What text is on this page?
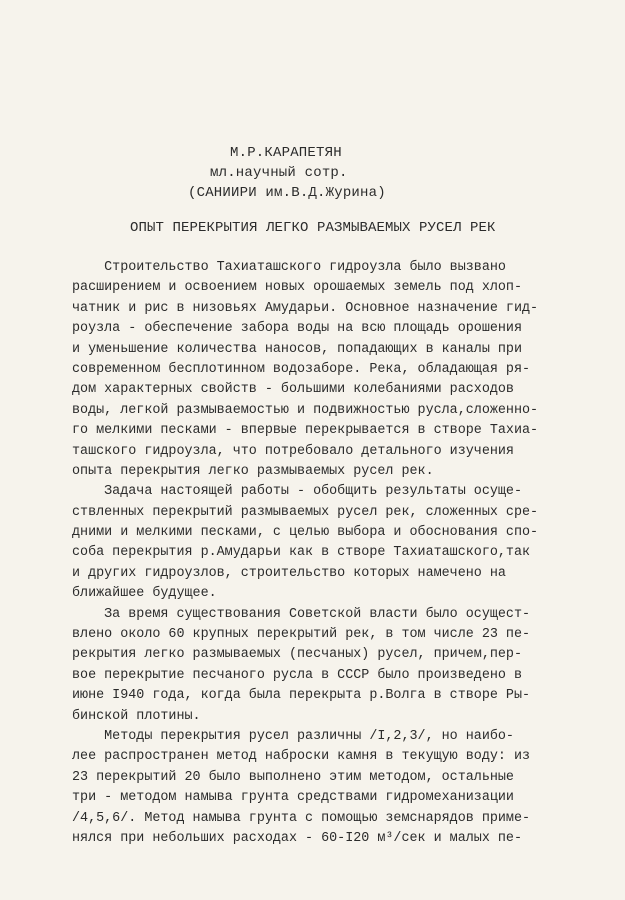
М.Р.КАРАПЕТЯН
мл.научный сотр.
(САНИИРИ им.В.Д.Журина)
ОПЫТ ПЕРЕКРЫТИЯ ЛЕГКО РАЗМЫВАЕМЫХ РУСЕЛ РЕК
Строительство Тахиаташского гидроузла было вызвано
расширением и освоением новых орошаемых земель под хлоп-
чатник и рис в низовьях Амударьи. Основное назначение гид-
роузла - обеспечение забора воды на всю площадь орошения
и уменьшение количества наносов, попадающих в каналы при
современном бесплотинном водозаборе. Река, обладающая ря-
дом характерных свойств - большими колебаниями расходов
воды, легкой размываемостью и подвижностью русла,сложенно-
го мелкими песками - впервые перекрывается в створе Тахиа-
ташского гидроузла, что потребовало детального изучения
опыта перекрытия легко размываемых русел рек.
Задача настоящей работы - обобщить результаты осуще-
ствленных перекрытий размываемых русел рек, сложенных сре-
дними и мелкими песками, с целью выбора и обоснования спо-
соба перекрытия р.Амударьи как в створе Тахиаташского,так
и других гидроузлов, строительство которых намечено на
ближайшее будущее.
За время существования Советской власти было осущест-
влено около 60 крупных перекрытий рек, в том числе 23 пе-
рекрытия легко размываемых (песчаных) русел, причем,пер-
вое перекрытие песчаного русла в СССР было произведено в
июне I940 года, когда была перекрыта р.Волга в створе Ры-
бинской плотины.
Методы перекрытия русел различны /I,2,3/, но наибо-
лее распространен метод наброски камня в текущую воду: из
23 перекрытий 20 было выполнено этим методом, остальные
три - методом намыва грунта средствами гидромеханизации
/4,5,6/. Метод намыва грунта с помощью земснарядов приме-
нялся при небольших расходах - 60-I20 м³/сек и малых пе-
